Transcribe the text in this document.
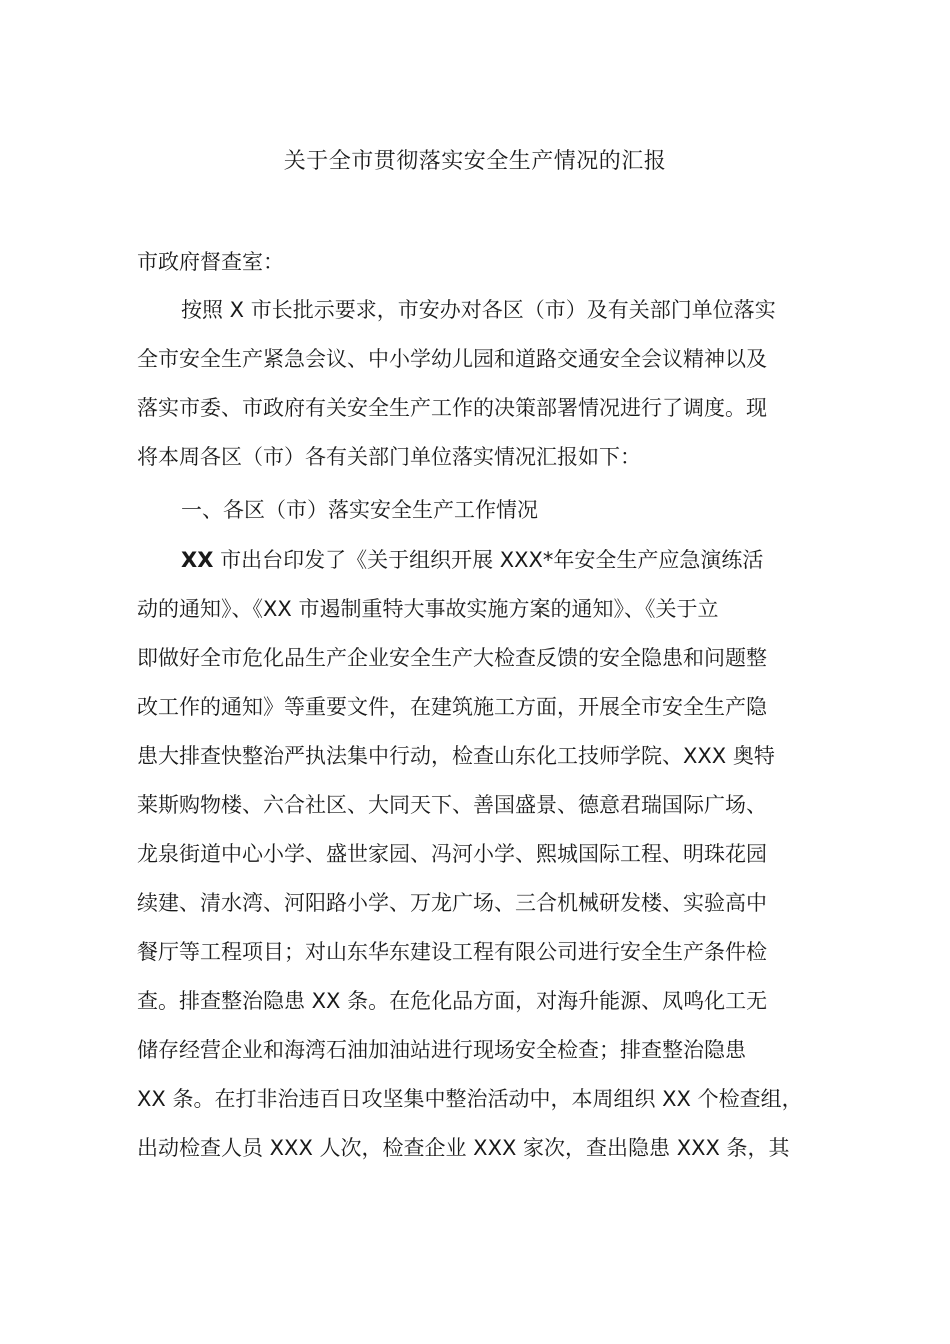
关于全市贯彻落实安全生产情况的汇报
市政府督查室：
按照 X 市长批示要求，市安办对各区（市）及有关部门单位落实
全市安全生产紧急会议、中小学幼儿园和道路交通安全会议精神以及
落实市委、市政府有关安全生产工作的决策部署情况进行了调度。现
将本周各区（市）各有关部门单位落实情况汇报如下：
一、各区（市）落实安全生产工作情况
XX 市出台印发了《关于组织开展 XXX*年安全生产应急演练活
动的通知》、《XX 市遏制重特大事故实施方案的通知》、《关于立
即做好全市危化品生产企业安全生产大检查反馈的安全隐患和问题整
改工作的通知》等重要文件，在建筑施工方面，开展全市安全生产隐
患大排查快整治严执法集中行动，检查山东化工技师学院、XXX 奥特
莱斯购物楼、六合社区、大同天下、善国盛景、德意君瑞国际广场、
龙泉街道中心小学、盛世家园、冯河小学、熙城国际工程、明珠花园
续建、清水湾、河阳路小学、万龙广场、三合机械研发楼、实验高中
餐厅等工程项目；对山东华东建设工程有限公司进行安全生产条件检
查。排查整治隐患 XX 条。在危化品方面，对海升能源、凤鸣化工无
储存经营企业和海湾石油加油站进行现场安全检查；排查整治隐患
XX 条。在打非治违百日攻坚集中整治活动中，本周组织 XX 个检查组，
出动检查人员 XXX 人次，检查企业 XXX 家次，查出隐患 XXX 条，其
